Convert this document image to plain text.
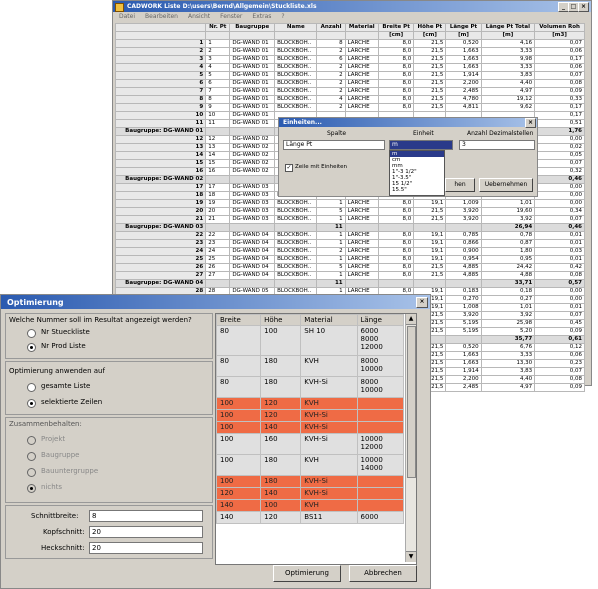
CADWORK Liste D:\users\Bernd\Allgemein\Stuckliste.xls	_ □ ×
Datei Bearbeiten Ansicht Fenster Extras ?
	Nr. Pt	Baugruppe	Name	Anzahl	Material	Breite Pt	Höhe Pt	Länge Pt	Länge Pt Total	Volumen Roh
						[cm]	[cm]	[m]	[m]	[m3]
1	1	DG-WAND 01	BLOCKBOH..	8	LÄRCHE	8,0	21,5	0,520	4,16	0,07
2	2	DG-WAND 01	BLOCKBOH..	2	LÄRCHE	8,0	21,5	1,663	3,33	0,06
3	3	DG-WAND 01	BLOCKBOH..	6	LÄRCHE	8,0	21,5	1,663	9,98	0,17
4	4	DG-WAND 01	BLOCKBOH..	2	LÄRCHE	8,0	21,5	1,663	3,33	0,06
5	5	DG-WAND 01	BLOCKBOH..	2	LÄRCHE	8,0	21,5	1,914	3,83	0,07
6	6	DG-WAND 01	BLOCKBOH..	2	LÄRCHE	8,0	21,5	2,200	4,40	0,08
7	7	DG-WAND 01	BLOCKBOH..	2	LÄRCHE	8,0	21,5	2,485	4,97	0,09
8	8	DG-WAND 01	BLOCKBOH..	4	LÄRCHE	8,0	21,5	4,780	19,12	0,33
9	9	DG-WAND 01	BLOCKBOH..	2	LÄRCHE	8,0	21,5	4,811	9,62	0,17
10	10	DG-WAND 01								0,17
11	11	DG-WAND 01								0,51
Baugruppe: DG-WAND 01										1,76
12	12	DG-WAND 02								0,00
13	13	DG-WAND 02								0,02
14	14	DG-WAND 02								0,05
15	15	DG-WAND 02								0,07
16	16	DG-WAND 02								0,32
Baugruppe: DG-WAND 02										0,46
17	17	DG-WAND 03								0,00
18	18	DG-WAND 03								0,00
19	19	DG-WAND 03	BLOCKBOH..	1	LÄRCHE	8,0	19,1	1,009	1,01	0,00
20	20	DG-WAND 03	BLOCKBOH..	5	LÄRCHE	8,0	21,5	3,920	19,60	0,34
21	21	DG-WAND 03	BLOCKBOH..	1	LÄRCHE	8,0	21,5	3,920	3,92	0,07
Baugruppe: DG-WAND 03				11					26,94	0,46
22	22	DG-WAND 04	BLOCKBOH..	1	LÄRCHE	8,0	19,1	0,785	0,78	0,01
23	23	DG-WAND 04	BLOCKBOH..	1	LÄRCHE	8,0	19,1	0,866	0,87	0,01
24	24	DG-WAND 04	BLOCKBOH..	2	LÄRCHE	8,0	19,1	0,900	1,80	0,03
25	25	DG-WAND 04	BLOCKBOH..	1	LÄRCHE	8,0	19,1	0,954	0,95	0,01
26	26	DG-WAND 04	BLOCKBOH..	5	LÄRCHE	8,0	21,5	4,885	24,42	0,42
27	27	DG-WAND 04	BLOCKBOH..	1	LÄRCHE	8,0	21,5	4,885	4,88	0,08
Baugruppe: DG-WAND 04				11					33,71	0,57
28	28	DG-WAND 05	BLOCKBOH..	1	LÄRCHE	8,0	19,1	0,183	0,18	0,00
							19,1	0,270	0,27	0,00
							19,1	1,008	1,01	0,01
							21,5	3,920	3,92	0,07
							21,5	5,195	25,98	0,45
							21,5	5,195	5,20	0,09
									35,77	0,61
							21,5	0,520	6,76	0,12
							21,5	1,663	3,33	0,06
							21,5	1,663	13,30	0,23
							21,5	1,914	3,83	0,07
							21,5	2,200	4,40	0,08
							21,5	2,485	4,97	0,09
Einheiten...	×
Spalte	Einheit	Anzahl Dezimalstellen
Länge Pt	m	3
m
cm
mm
1"-3 1/2"
1"-3.5"
15 1/2"
15.5"
✓ Zeile mit Einheiten
hen	Uebernehmen
Optimierung	×
Welche Nummer soll im Resultat angezeigt werden?
Nr Stueckliste
Nr Prod Liste
Optimierung anwenden auf
gesamte Liste
selektierte Zeilen
Zusammenbehalten:
Projekt
Baugruppe
Bauuntergruppe
nichts
Schnittbreite:	8
Kopfschnitt:	20
Heckschnitt:	20
Breite	Höhe	Material	Länge
80	100	SH 10	6000
8000
12000
80	180	KVH	8000
10000
80	180	KVH-Si	8000
10000
100	120	KVH	
100	120	KVH-Si	
100	140	KVH-Si	
100	160	KVH-Si	10000
12000
100	180	KVH	10000
14000
100	180	KVH-Si	
120	140	KVH-Si	
140	100	KVH	
140	120	BS11	6000
▲
▼
Optimierung	Abbrechen
